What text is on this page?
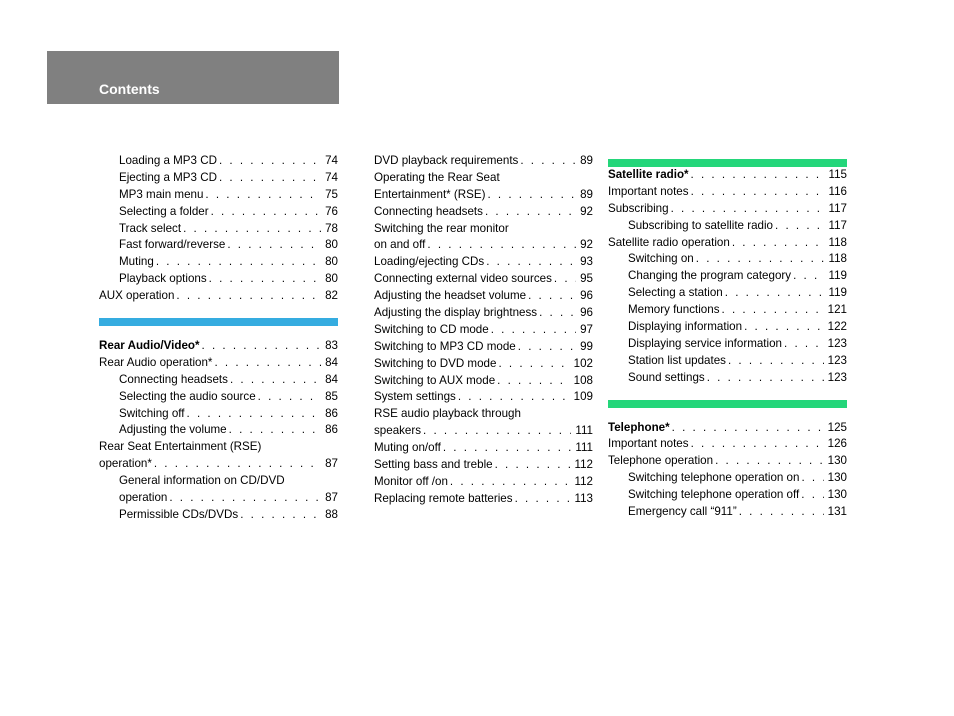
Contents
Loading a MP3 CD . . .	74
Ejecting a MP3 CD . . .	74
MP3 main menu . . .	75
Selecting a folder . . .	76
Track select . . .	78
Fast forward/reverse . . .	80
Muting . . .	80
Playback options . . .	80
AUX operation . . .	82
Rear Audio/Video* . . .	83
Rear Audio operation* . . .	84
Connecting headsets . . .	84
Selecting the audio source . . .	85
Switching off . . .	86
Adjusting the volume . . .	86
Rear Seat Entertainment (RSE)
operation* . . .	87
General information on CD/DVD
operation . . .	87
Permissible CDs/DVDs . . .	88
DVD playback requirements . . .	89
Operating the Rear Seat
Entertainment* (RSE) . . .	89
Connecting headsets . . .	92
Switching the rear monitor
on and off . . .	92
Loading/ejecting CDs . . .	93
Connecting external video sources . . . 95
Adjusting the headset volume . . .	96
Adjusting the display brightness . . .	96
Switching to CD mode . . .	97
Switching to MP3 CD mode . . .	99
Switching to DVD mode . . .	102
Switching to AUX mode . . .	108
System settings . . .	109
RSE audio playback through
speakers . . .	111
Muting on/off . . .	111
Setting bass and treble . . .	112
Monitor off /on . . .	112
Replacing remote batteries . . .	113
Satellite radio* . . .	115
Important notes . . .	116
Subscribing . . .	117
Subscribing to satellite radio . . .	117
Satellite radio operation . . .	118
Switching on . . .	118
Changing the program category . . .	119
Selecting a station . . .	119
Memory functions . . .	121
Displaying information . . .	122
Displaying service information . . .	123
Station list updates . . .	123
Sound settings . . .	123
Telephone* . . .	125
Important notes . . .	126
Telephone operation . . .	130
Switching telephone operation on . . . 130
Switching telephone operation off . . . 130
Emergency call “911” . . .	131
